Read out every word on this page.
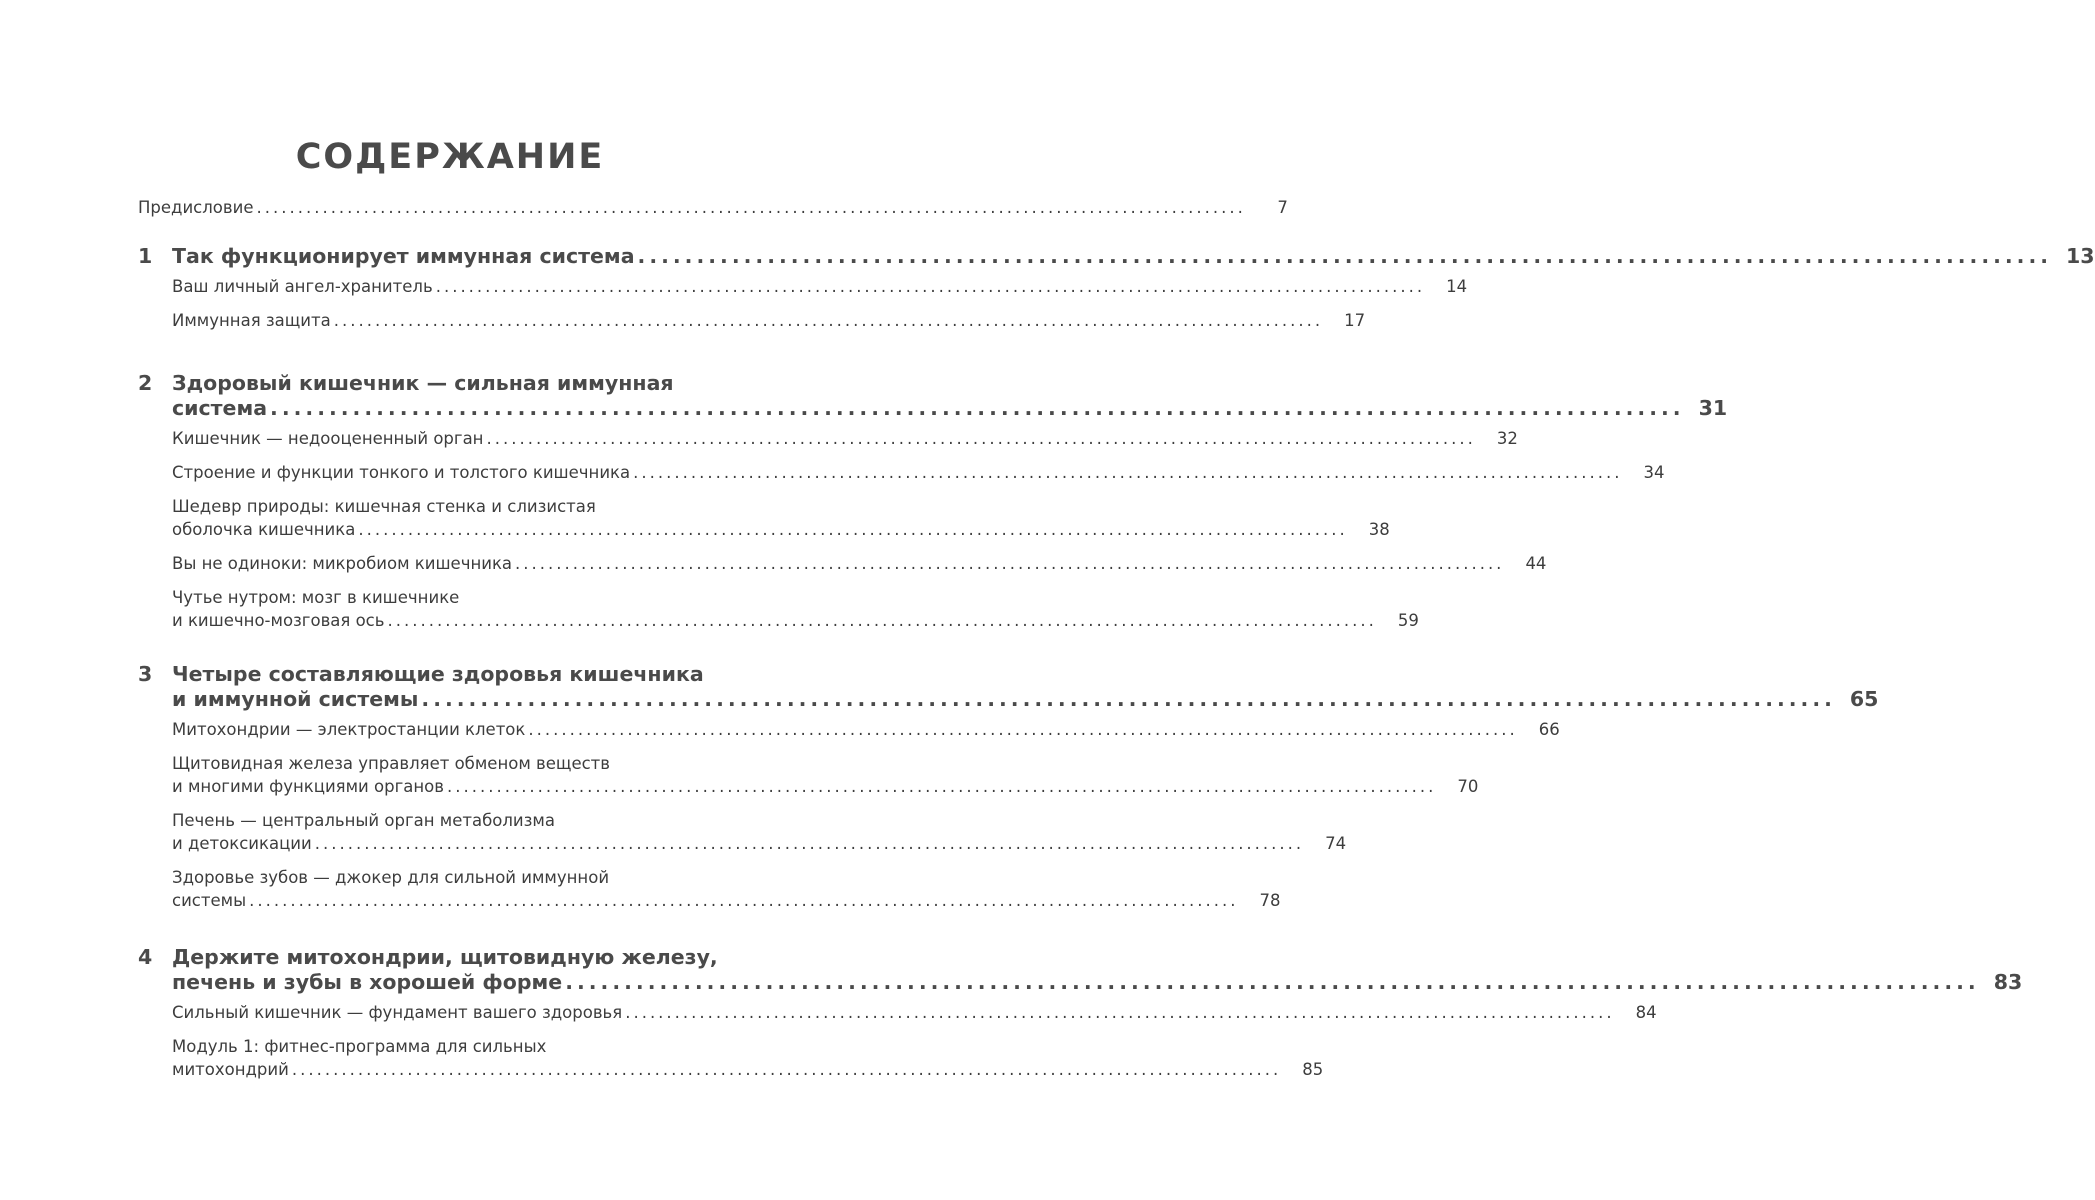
СОДЕРЖАНИЕ
Предисловие ........................................................................................................................	7
1 Так функционирует иммунная система ........................................................................................................................ 13
Ваш личный ангел-хранитель ........................................................................................................................	14
Иммунная защита ........................................................................................................................	17
2 Здоровый кишечник — сильная иммунная
система ........................................................................................................................ 31
Кишечник — недооцененный орган ........................................................................................................................	32
Строение и функции тонкого и толстого кишечника ........................................................................................................................	34
Шедевр природы: кишечная стенка и слизистая
оболочка кишечника ........................................................................................................................	38
Вы не одиноки: микробиом кишечника ........................................................................................................................	44
Чутье нутром: мозг в кишечнике
и кишечно-мозговая ось ........................................................................................................................	59
3 Четыре составляющие здоровья кишечника
и иммунной системы ........................................................................................................................ 65
Митохондрии — электростанции клеток ........................................................................................................................	66
Щитовидная железа управляет обменом веществ
и многими функциями органов ........................................................................................................................	70
Печень — центральный орган метаболизма
и детоксикации ........................................................................................................................	74
Здоровье зубов — джокер для сильной иммунной
системы ........................................................................................................................	78
4 Держите митохондрии, щитовидную железу,
печень и зубы в хорошей форме ........................................................................................................................ 83
Сильный кишечник — фундамент вашего здоровья ........................................................................................................................	84
Модуль 1: фитнес-программа для сильных
митохондрий ........................................................................................................................	85
